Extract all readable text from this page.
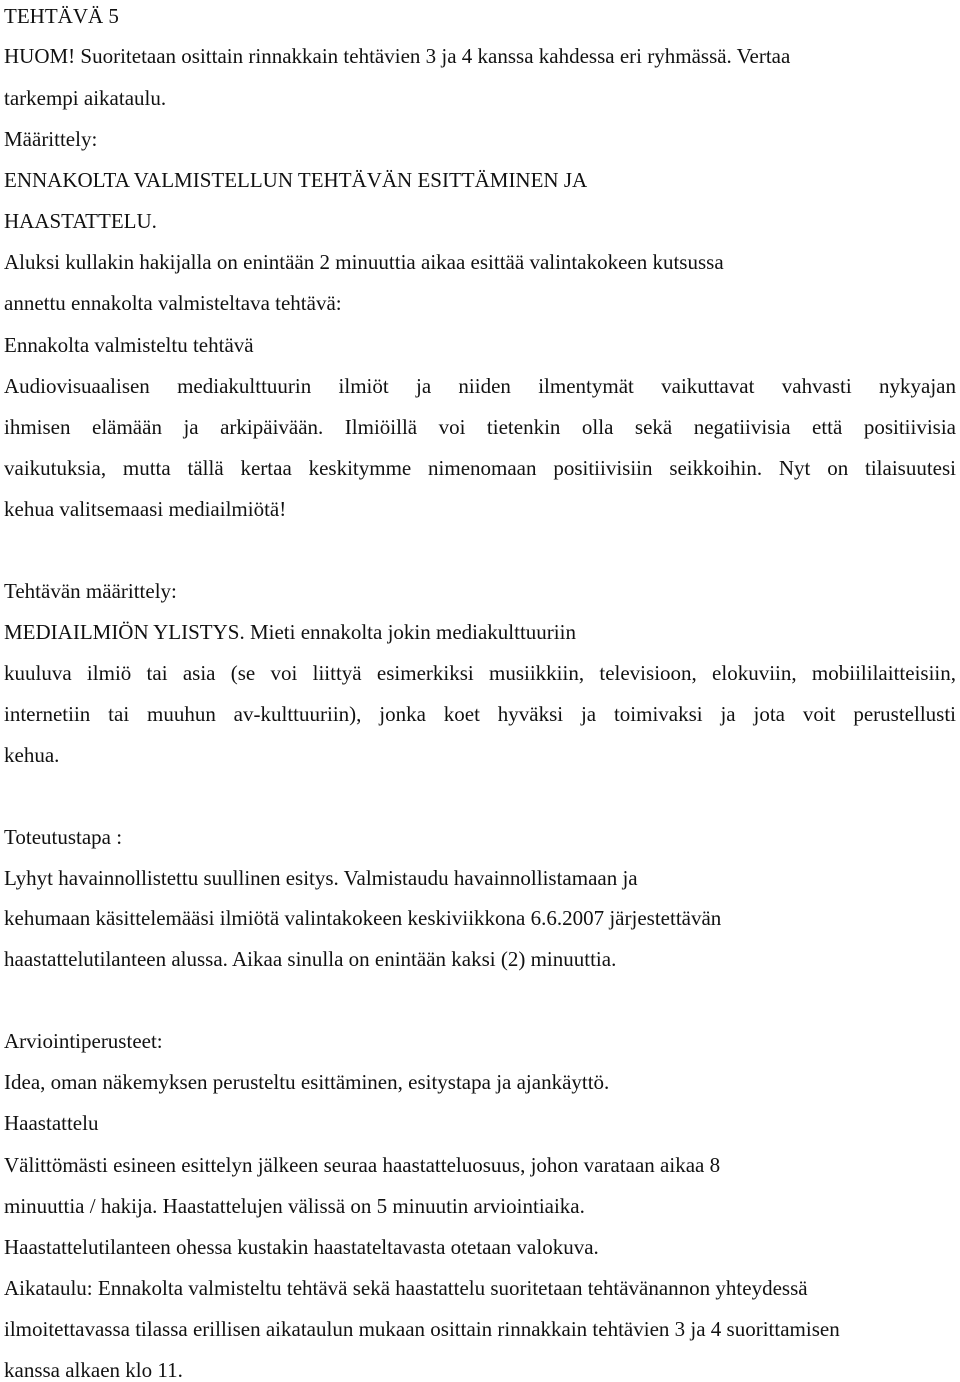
TEHTÄVÄ 5
HUOM! Suoritetaan osittain rinnakkain tehtävien 3 ja 4 kanssa kahdessa eri ryhmässä. Vertaa
tarkempi aikataulu.
Määrittely:
ENNAKOLTA VALMISTELLUN TEHTÄVÄN ESITTÄMINEN JA
HAASTATTELU.
Aluksi kullakin hakijalla on enintään 2 minuuttia aikaa esittää valintakokeen kutsussa
annettu ennakolta valmisteltava tehtävä:
Ennakolta valmisteltu tehtävä
Audiovisuaalisen mediakulttuurin ilmiöt ja niiden ilmentymät vaikuttavat vahvasti nykyajan
ihmisen elämään ja arkipäivään. Ilmiöillä voi tietenkin olla sekä negatiivisia että positiivisia
vaikutuksia, mutta tällä kertaa keskitymme nimenomaan positiivisiin seikkoihin. Nyt on tilaisuutesi
kehua valitsemaasi mediailmiötä!
Tehtävän määrittely:
MEDIAILMIÖN YLISTYS. Mieti ennakolta jokin mediakulttuuriin
kuuluva ilmiö tai asia (se voi liittyä esimerkiksi musiikkiin, televisioon, elokuviin, mobiililaitteisiin,
internetiin tai muuhun av-kulttuuriin), jonka koet hyväksi ja toimivaksi ja jota voit perustellusti
kehua.
Toteutustapa :
Lyhyt havainnollistettu suullinen esitys. Valmistaudu havainnollistamaan ja
kehumaan käsittelemääsi ilmiötä valintakokeen keskiviikkona 6.6.2007 järjestettävän
haastattelutilanteen alussa. Aikaa sinulla on enintään kaksi (2) minuuttia.
Arviointiperusteet:
Idea, oman näkemyksen perusteltu esittäminen, esitystapa ja ajankäyttö.
Haastattelu
Välittömästi esineen esittelyn jälkeen seuraa haastatteluosuus, johon varataan aikaa 8
minuuttia / hakija. Haastattelujen välissä on 5 minuutin arviointiaika.
Haastattelutilanteen ohessa kustakin haastateltavasta otetaan valokuva.
Aikataulu: Ennakolta valmisteltu tehtävä sekä haastattelu suoritetaan tehtävänannon yhteydessä
ilmoitettavassa tilassa erillisen aikataulun mukaan osittain rinnakkain tehtävien 3 ja 4 suorittamisen
kanssa alkaen klo 11.
